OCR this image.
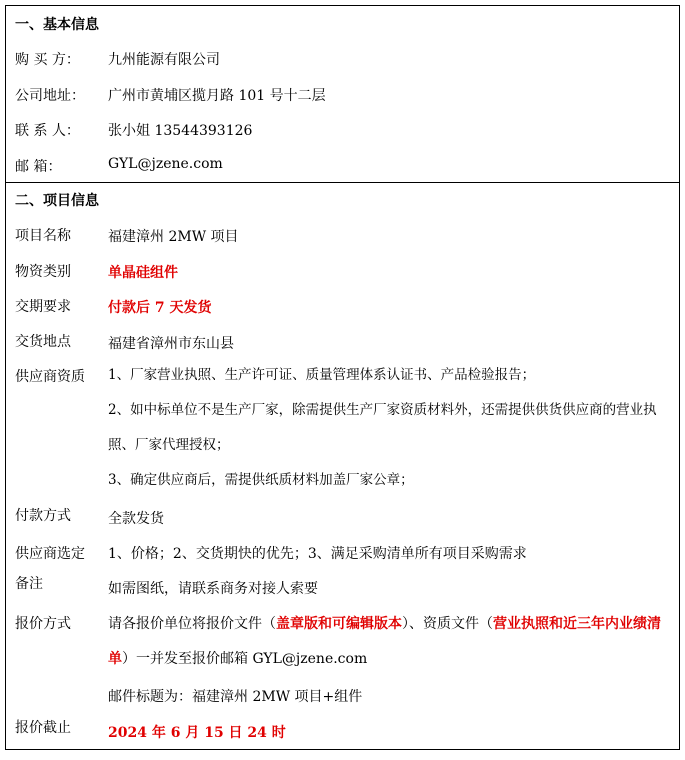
一、基本信息
购 买 方： 九州能源有限公司
公司地址： 广州市黄埔区揽月路 101 号十二层
联 系 人： 张小姐 13544393126
邮 箱：	GYL@jzene.com
二、项目信息
项目名称	福建漳州 2MW 项目
物资类别	单晶硅组件
交期要求	付款后 7 天发货
交货地点	福建省漳州市东山县
供应商资质 1、厂家营业执照、生产许可证、质量管理体系认证书、产品检验报告；
2、如中标单位不是生产厂家，除需提供生产厂家资质材料外，还需提供供货供应商的营业执照、厂家代理授权；
3、确定供应商后，需提供纸质材料加盖厂家公章；
付款方式	全款发货
供应商选定 1、价格；2、交货期快的优先；3、满足采购清单所有项目采购需求
备注	如需图纸，请联系商务对接人索要
报价方式	请各报价单位将报价文件（盖章版和可编辑版本）、资质文件（营业执照和近三年内业绩清单）一并发至报价邮箱 GYL@jzene.com
邮件标题为：福建漳州 2MW 项目+组件
报价截止	2024 年 6 月 15 日 24 时
